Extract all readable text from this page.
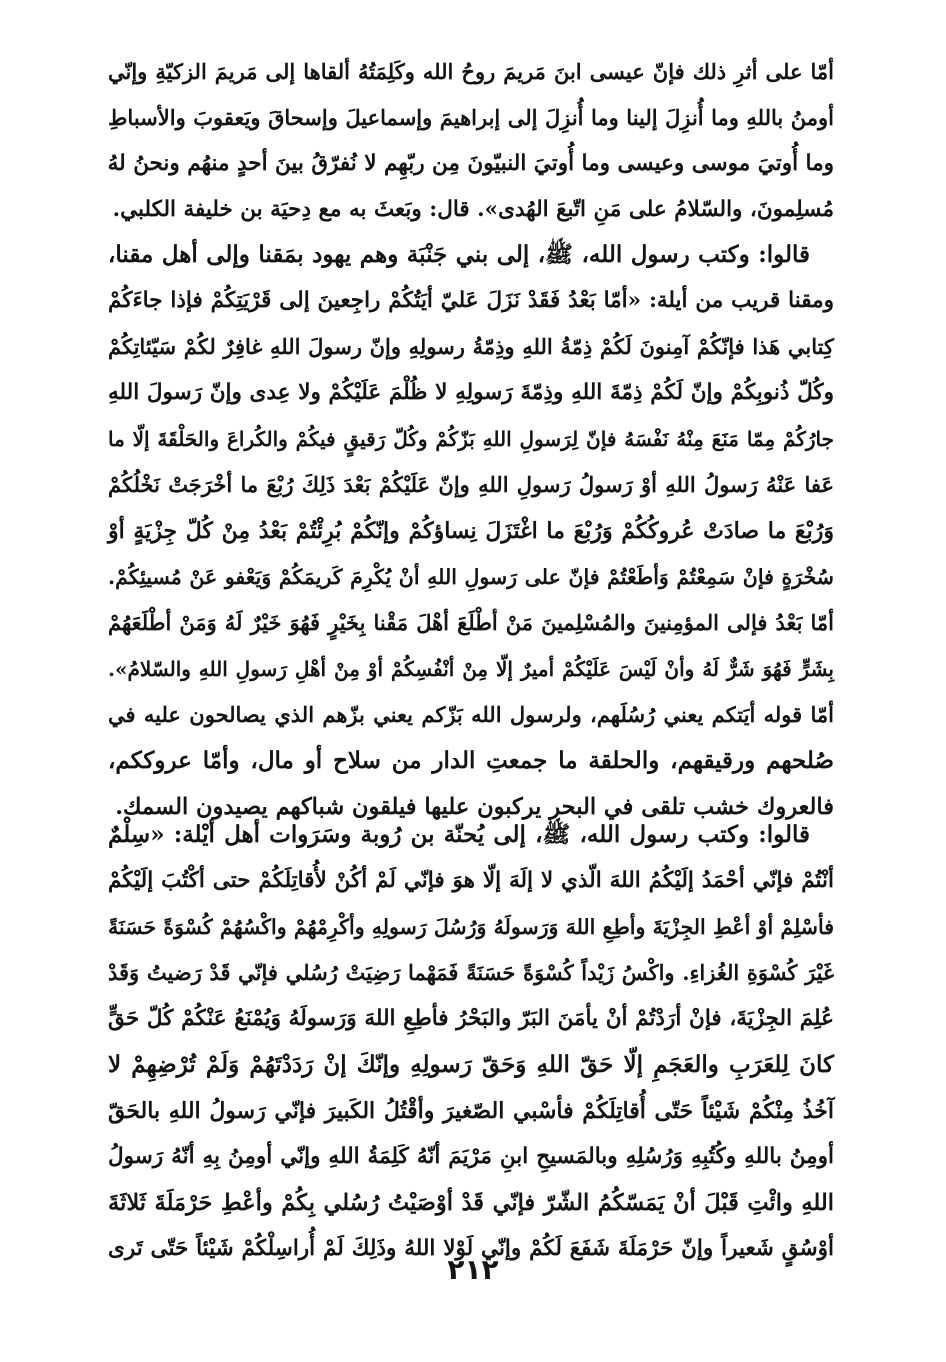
أمّا على أثرِ ذلك فإنّ عيسى ابنَ مَريمَ روحُ الله وكَلِمَتُهُ ألقاها إلى مَريمَ الزكيّةِ وإنّي
أومنُ باللهِ وما أُنزِلَ إلينا وما أُنزِلَ إلى إبراهيمَ وإسماعيلَ وإسحاقَ ويَعقوبَ والأسباطِ
وما أُوتيَ موسى وعيسى وما أُوتيَ النبيّونَ مِن ربّهِم لا نُفرّقُ بينَ أحدٍ منهُم ونحنُ لهُ
مُسلِمونَ، والسّلامُ على مَنِ اتّبعَ الهُدى». قال: وبَعثَ به مع دِحيَة بن خليفة الكلبي.
قالوا: وكتب رسول الله، ﷺ، إلى بني جَنْبَة وهم يهود بمَقنا وإلى أهل مقنا،
ومقنا قريب من أيلة: «أمّا بَعْدُ فَقَدْ نَزَلَ عَليّ أيَتُكُمْ راجِعينَ إلى قَرْيَتِكُمْ فإذا جاءَكُمْ
كِتابي هَذا فإنّكُمْ آمِنونَ لَكُمْ ذِمّةُ اللهِ وذِمّةُ رسولِهِ وإنّ رسولَ اللهِ غافِرٌ لكُمْ سَيّئاتِكُمْ
وكُلّ ذُنوبِكُمْ وإنّ لَكُمْ ذِمّةَ اللهِ وذِمّةَ رَسولِهِ لا ظُلْمَ عَلَيْكُمْ ولا عِدى وإنّ رَسولَ اللهِ
جارُكُمْ مِمّا مَنَعَ مِنْهُ نَفْسَهُ فإنّ لِرَسولِ اللهِ بَزّكُمْ وكُلّ رَقيقٍ فيكُمْ والكُراعَ والحَلْقَةَ إلّا ما
عَفا عَنْهُ رَسولُ اللهِ أوْ رَسولُ رَسولِ اللهِ وإنّ عَلَيْكُمْ بَعْدَ ذَلِكَ رُبْعَ ما أخْرَجَتْ نَخْلُكُمْ
وَرُبْعَ ما صادَتْ عُروكُكُمْ وَرُبْعَ ما اغْتَزَلَ نِساؤكُمْ وإنّكُمْ بُرِئْتُمْ بَعْدُ مِنْ كُلّ جِزْيَةٍ أوْ
سُخْرَةٍ فإنْ سَمِعْتُمْ وَأطَعْتُمْ فإنّ على رَسولِ اللهِ أنْ يُكْرِمَ كَريمَكُمْ وَيَعْفو عَنْ مُسيئِكُمْ.
أمّا بَعْدُ فإلى المؤمِنينَ والمُسْلِمينَ مَنْ أطْلَعَ أهْلَ مَقْنا بِخَيْرٍ فَهُوَ خَيْرٌ لَهُ وَمَنْ أطْلَعَهُمْ
بِشَرٍّ فَهُوَ شَرٌّ لَهُ وأنْ لَيْسَ عَلَيْكُمْ أميرٌ إلّا مِنْ أنْفُسِكُمْ أوْ مِنْ أهْلِ رَسولِ اللهِ والسّلامُ».
أمّا قوله أيَتكم يعني رُسُلَهم، ولرسول الله بَزّكم يعني بزّهم الذي يصالحون عليه في
صُلحهم ورقيقهم، والحلقة ما جمعتِ الدار من سلاح أو مال، وأمّا عروككم،
فالعروك خشب تلقى في البحر يركبون عليها فيلقون شباكهم يصيدون السمك.
قالوا: وكتب رسول الله، ﷺ، إلى يُحنّة بن رُوبة وسَرَوات أهل أيْلة: «سِلْمٌ
أنْتُمْ فإنّي أحْمَدُ إلَيْكُمُ اللهَ الّذي لا إلَهَ إلّا هوَ فإنّي لَمْ أكُنْ لأُقاتِلَكُمْ حتى أكْتُبَ إلَيْكُمْ
فأسْلِمْ أوْ أعْطِ الجِزْيَةَ وأطِعِ اللهَ وَرَسولَهُ وَرُسُلَ رَسولِهِ وأكْرِمْهُمْ واكْسُهُمْ كُسْوَةً حَسَنَةً
غَيْرَ كُسْوَةِ الغُزاءِ. واكْسُ زَيْداً كُسْوَةً حَسَنَةً فَمَهْما رَضِيَتْ رُسُلي فإنّي قَدْ رَضيتُ وَقَدْ
عُلِمَ الجِزْيَةَ، فإنْ أرَدْتُمْ أنْ يأمَنَ البَرّ والبَحْرُ فأطِعِ اللهَ وَرَسولَهُ وَيُمْنَعُ عَنْكُمْ كُلّ حَقٍّ
كانَ لِلعَرَبِ والعَجَمِ إلّا حَقّ اللهِ وَحَقّ رَسولِهِ وإنّكَ إنْ رَدَدْتَهُمْ وَلَمْ تُرْضِهِمْ لا
آخُذُ مِنْكُمْ شَيْئاً حَتّى أُقاتِلَكُمْ فأسْبي الصّغيرَ وأقْتُلُ الكَبيرَ فإنّي رَسولُ اللهِ بالحَقّ
أومِنُ باللهِ وكُتُبِهِ وَرُسُلِهِ وبالمَسيحِ ابنِ مَرْيَمَ أنّهُ كَلِمَةُ اللهِ وإنّي أومِنُ بِهِ أنّهُ رَسولُ
اللهِ وائْتِ قَبْلَ أنْ يَمَسّكُمُ الشّرّ فإنّي قَدْ أوْصَيْتُ رُسُلي بِكُمْ وأعْطِ حَرْمَلَةَ ثَلاثَةَ
أوْسُقٍ شَعيراً وإنّ حَرْمَلَةَ شَفَعَ لَكُمْ وإنّي لَوْلا اللهُ وذَلِكَ لَمْ أُراسِلْكُمْ شَيْئاً حَتّى تَرى
٢١٢
